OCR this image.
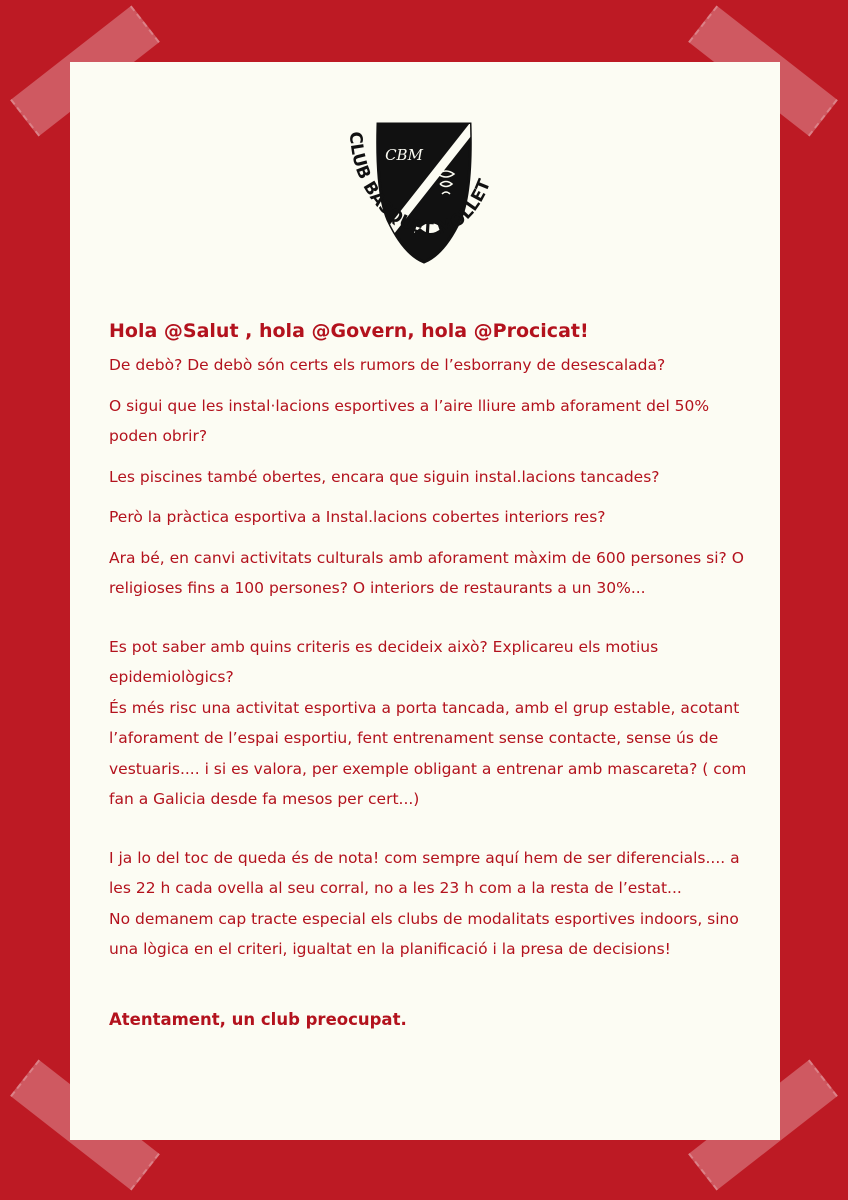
CBM
CLUB BASQUET MOLLET
Hola @Salut , hola @Govern, hola @Procicat!

De debò? De debò són certs els rumors de l’esborrany de desescalada?

O sigui que les instal·lacions esportives a l’aire lliure amb aforament del 50% poden obrir?

Les piscines també obertes, encara que siguin instal.lacions tancades?

Però la pràctica esportiva a Instal.lacions cobertes interiors res?

Ara bé, en canvi activitats culturals amb aforament màxim de 600 persones si? O religioses fins a 100 persones? O interiors de restaurants a un 30%...

Es pot saber amb quins criteris es decideix això? Explicareu els motius epidemiològics?

És més risc una activitat esportiva a porta tancada, amb el grup estable, acotant l’aforament de l’espai esportiu, fent entrenament sense contacte, sense ús de vestuaris.... i si es valora, per exemple obligant a entrenar amb mascareta? ( com fan a Galicia desde fa mesos per cert...)

I ja lo del toc de queda és de nota! com sempre aquí hem de ser diferencials.... a les 22 h cada ovella al seu corral, no a les 23 h com a la resta de l’estat...

No demanem cap tracte especial els clubs de modalitats esportives indoors, sino una lògica en el criteri, igualtat en la planificació i la presa de decisions!

Atentament, un club preocupat.
